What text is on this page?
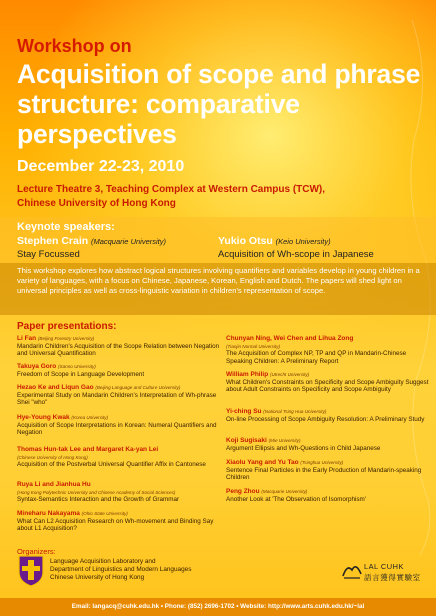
Workshop on
Acquisition of scope and phrase structure: comparative perspectives
December 22-23, 2010
Lecture Theatre 3, Teaching Complex at Western Campus (TCW),
Chinese University of Hong Kong
Keynote speakers:
Stephen Crain (Macquarie University)
Stay Focussed
Yukio Otsu (Keio University)
Acquisition of Wh-scope in Japanese
This workshop explores how abstract logical structures involving quantifiers and variables develop in young children in a variety of languages, with a focus on Chinese, Japanese, Korean, English and Dutch. The papers will shed light on universal principles as well as cross-linguistic variation in children's representation of scope.
Paper presentations:
Li Fan (Beijing Forestry University)
Mandarin Children's Acquisition of the Scope Relation between Negation and Universal Quantification
Takuya Goro (Sanno University)
Freedom of Scope in Language Development
Hezao Ke and Liqun Gao (Beijing Language and Culture University)
Experimental Study on Mandarin Children's Interpretation of Wh-phrase Shei "who"
Hye-Young Kwak (Korea University)
Acquisition of Scope Interpretations in Korean: Numeral Quantifiers and Negation
Thomas Hun-tak Lee and Margaret Ka-yan Lei
(Chinese University of Hong Kong)
Acquisition of the Postverbal Universal Quantifier Affix in Cantonese
Ruya Li and Jianhua Hu
(Hong Kong Polytechnic University and Chinese Academy of Social Sciences)
Syntax-Semantics Interaction and the Growth of Grammar
Mineharu Nakayama (Ohio State University)
What Can L2 Acquisition Research on Wh-movement and Binding Say about L1 Acquisition?
Chunyan Ning, Wei Chen and Lihua Zong
(Tianjin Normal University)
The Acquisition of Complex NP, TP and QP in Mandarin-Chinese Speaking Children: A Preliminary Report
William Philip (Utrecht University)
What Children's Constraints on Specificity and Scope Ambiguity Suggest about Adult Constraints on Specificity and Scope Ambiguity
Yi-ching Su (National Tsing Hua University)
On-line Processing of Scope Ambiguity Resolution: A Preliminary Study
Koji Sugisaki (Mie University)
Argument Ellipsis and Wh-Questions in Child Japanese
Xiaolu Yang and Yu Tao (Tsinghua University)
Sentence Final Particles in the Early Production of Mandarin-speaking Children
Peng Zhou (Macquarie University)
Another Look at 'The Observation of Isomorphism'
Organizers:
Language Acquisition Laboratory and
Department of Linguistics and Modern Languages
Chinese University of Hong Kong
LAL CUHK
語言獲得實驗室
Email: langacq@cuhk.edu.hk • Phone: (852) 2696-1702 • Website: http://www.arts.cuhk.edu.hk/~lal
